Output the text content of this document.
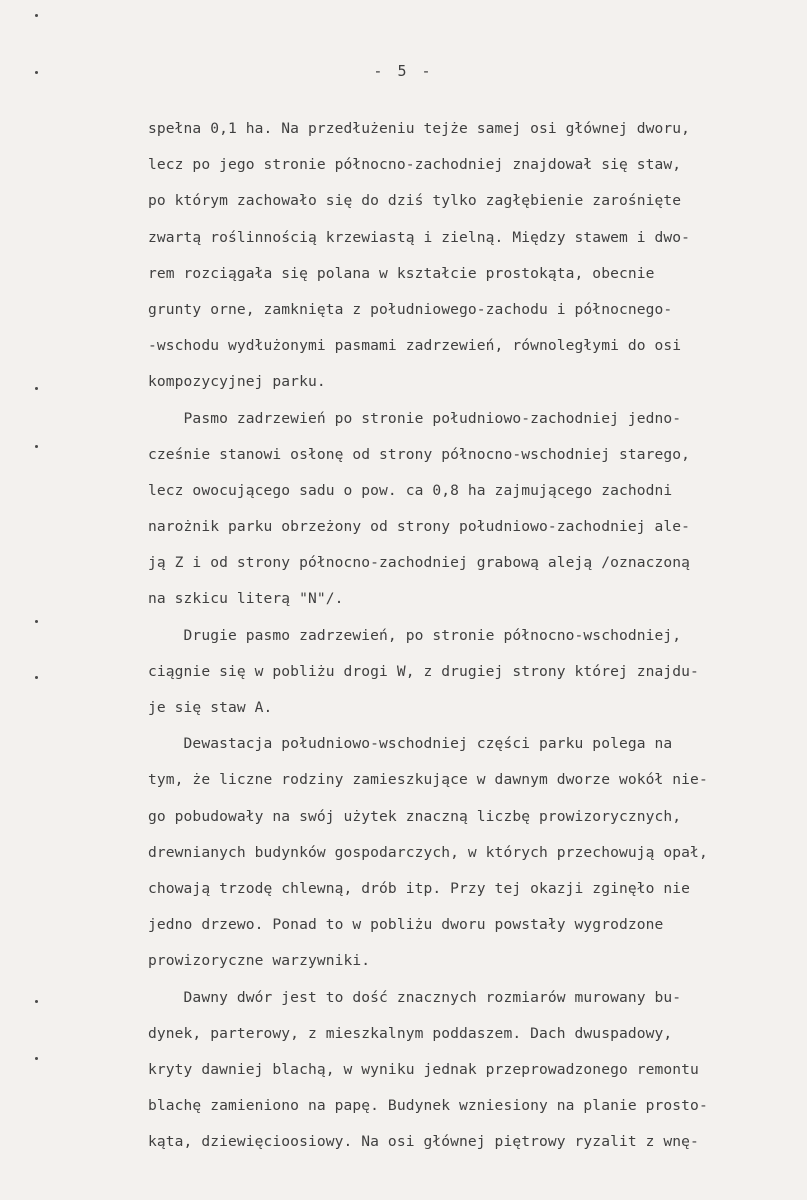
- 5 -
spełna 0,1 ha. Na przedłużeniu tejże samej osi głównej dworu,
lecz po jego stronie północno-zachodniej znajdował się staw,
po którym zachowało się do dziś tylko zagłębienie zarośnięte
zwartą roślinnością krzewiastą i zielną. Między stawem i dwo-
rem rozciągała się polana w kształcie prostokąta, obecnie
grunty orne, zamknięta z południowego-zachodu i północnego-
-wschodu wydłużonymi pasmami zadrzewień, równoległymi do osi
kompozycyjnej parku.
Pasmo zadrzewień po stronie południowo-zachodniej jedno-
cześnie stanowi osłonę od strony północno-wschodniej starego,
lecz owocującego sadu o pow. ca 0,8 ha zajmującego zachodni
narożnik parku obrzeżony od strony południowo-zachodniej ale-
ją Z i od strony północno-zachodniej grabową aleją /oznaczoną
na szkicu literą "N"/.
Drugie pasmo zadrzewień, po stronie północno-wschodniej,
ciągnie się w pobliżu drogi W, z drugiej strony której znajdu-
je się staw A.
Dewastacja południowo-wschodniej części parku polega na
tym, że liczne rodziny zamieszkujące w dawnym dworze wokół nie-
go pobudowały na swój użytek znaczną liczbę prowizorycznych,
drewnianych budynków gospodarczych, w których przechowują opał,
chowają trzodę chlewną, drób itp. Przy tej okazji zginęło nie
jedno drzewo. Ponad to w pobliżu dworu powstały wygrodzone
prowizoryczne warzywniki.
Dawny dwór jest to dość znacznych rozmiarów murowany bu-
dynek, parterowy, z mieszkalnym poddaszem. Dach dwuspadowy,
kryty dawniej blachą, w wyniku jednak przeprowadzonego remontu
blachę zamieniono na papę. Budynek wzniesiony na planie prosto-
kąta, dziewięcioosiowy. Na osi głównej piętrowy ryzalit z wnę-
